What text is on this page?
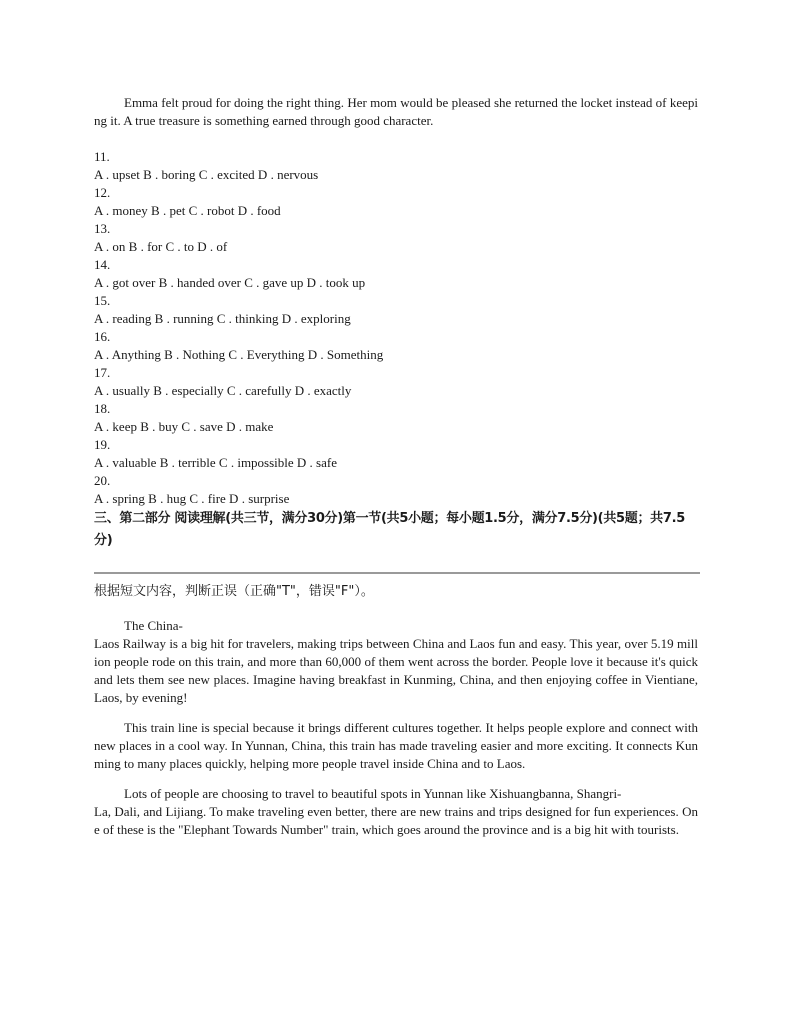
Emma felt proud for doing the right thing. Her mom would be pleased she returned the locket instead of keeping it. A true treasure is something earned through good character.

11.

A . upset B . boring C . excited D . nervous

12.

A . money B . pet C . robot D . food

13.

A . on B . for C . to D . of

14.

A . got over B . handed over C . gave up D . took up

15.

A . reading B . running C . thinking D . exploring

16.

A . Anything B . Nothing C . Everything D . Something

17.

A . usually B . especially C . carefully D . exactly

18.

A . keep B . buy C . save D . make

19.

A . valuable B . terrible C . impossible D . safe

20.

A . spring B . hug C . fire D . surprise

三、第二部分 阅读理解(共三节，满分30分)第一节(共5小题；每小题1.5分，满分7.5分)(共5题；共7.5分)

根据短文内容，判断正误（正确"T"，错误"F"）。

The China-

Laos Railway is a big hit for travelers, making trips between China and Laos fun and easy. This year, over 5.19 million people rode on this train, and more than 60,000 of them went across the border. People love it because it's quick and lets them see new places. Imagine having breakfast in Kunming, China, and then enjoying coffee in Vientiane, Laos, by evening!

This train line is special because it brings different cultures together. It helps people explore and connect with new places in a cool way. In Yunnan, China, this train has made traveling easier and more exciting. It connects Kunming to many places quickly, helping more people travel inside China and to Laos.

Lots of people are choosing to travel to beautiful spots in Yunnan like Xishuangbanna, Shangri-

La, Dali, and Lijiang. To make traveling even better, there are new trains and trips designed for fun experiences. One of these is the "Elephant Towards Number" train, which goes around the province and is a big hit with tourists.
